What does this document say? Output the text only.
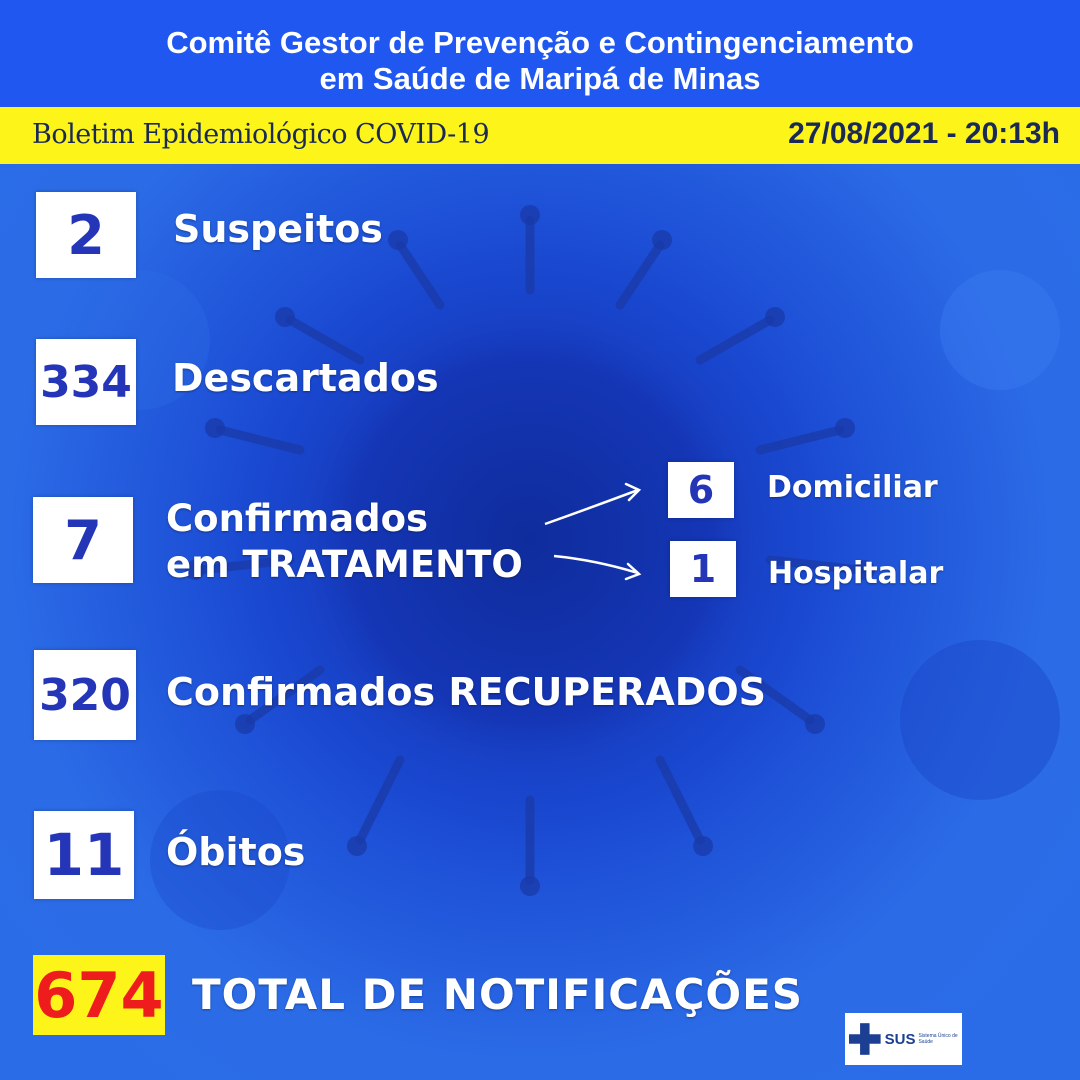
Comitê Gestor de Prevenção e Contingenciamento
em Saúde de Maripá de Minas
Boletim Epidemiológico COVID-19	27/08/2021 - 20:13h
2	Suspeitos
334 Descartados
7	Confirmados
em TRATAMENTO
6	Domiciliar
1	Hospitalar
320 Confirmados RECUPERADOS
11 Óbitos
674 TOTAL DE NOTIFICAÇÕES
SUS Sistema Único de Saúde
